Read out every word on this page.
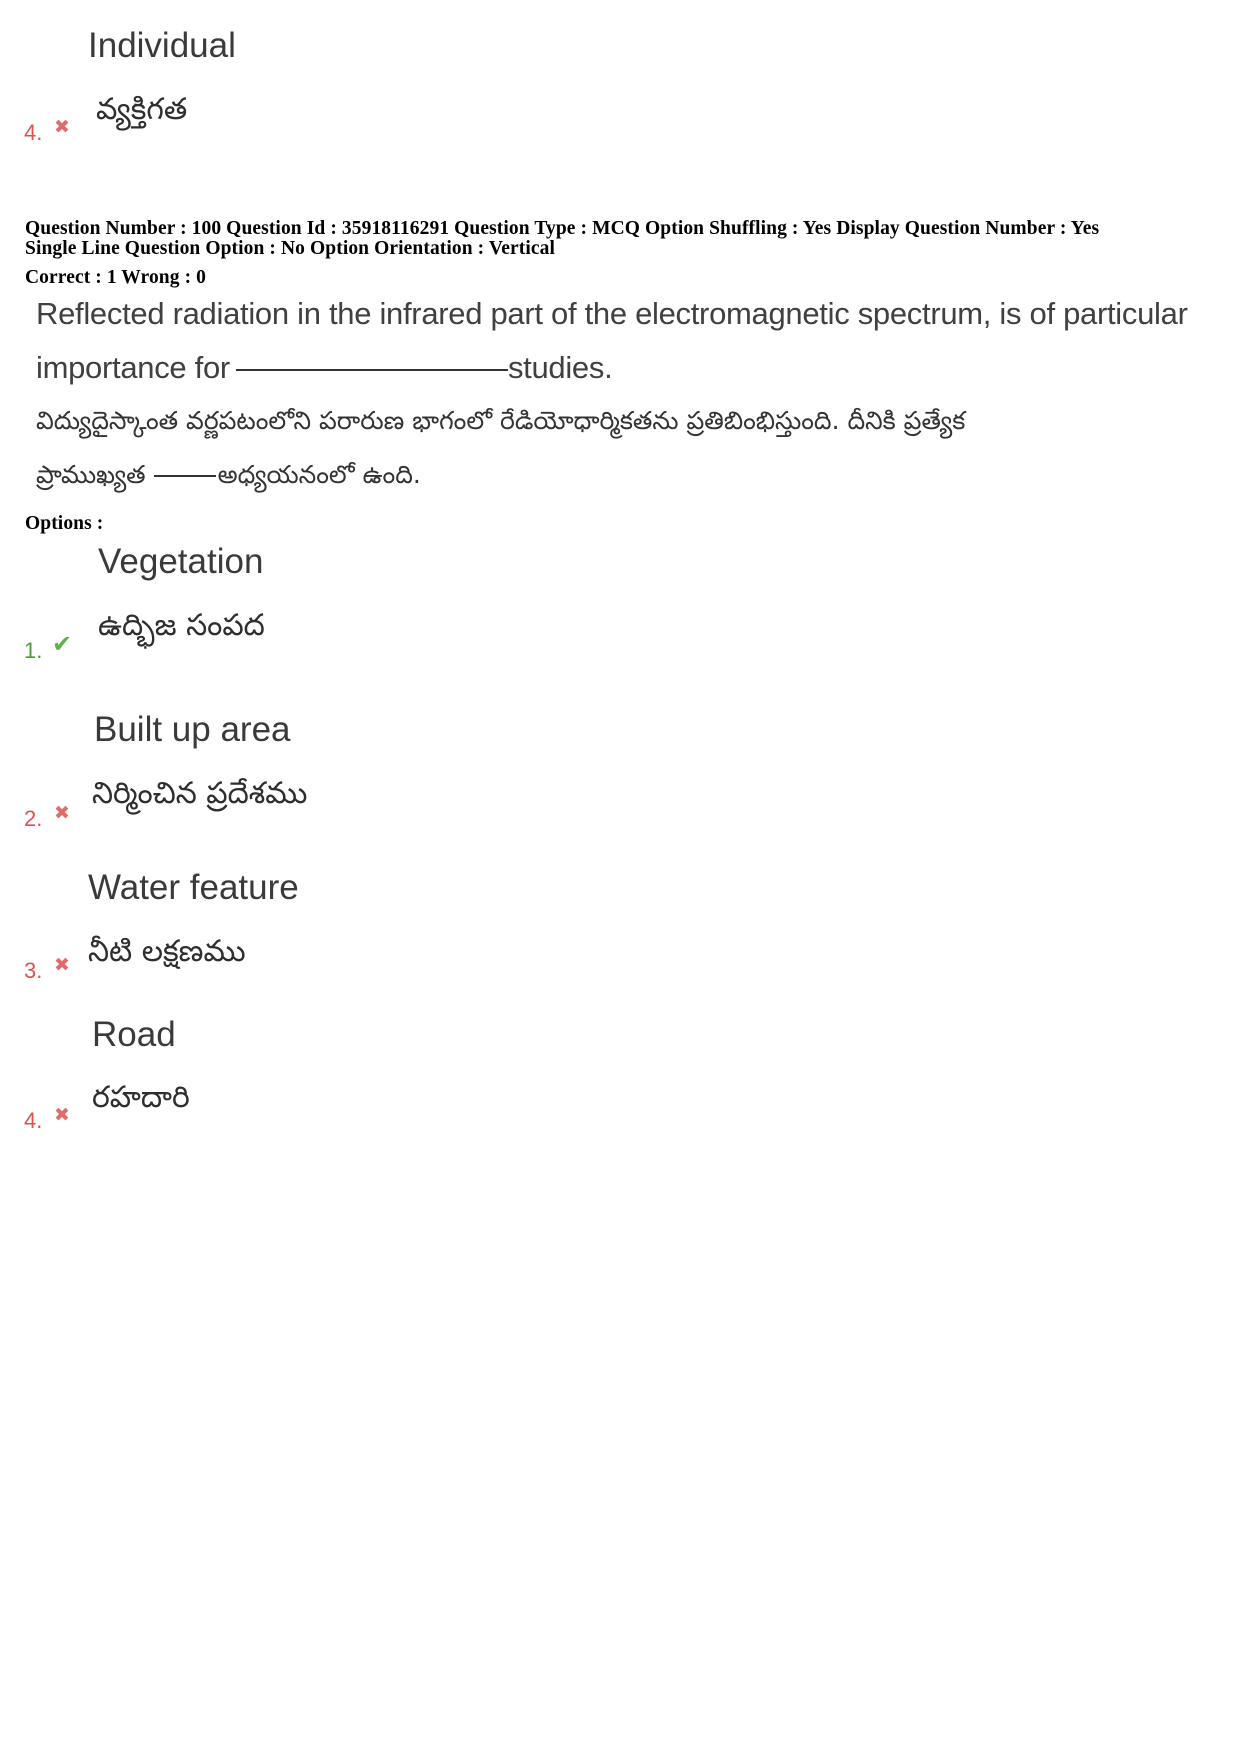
Individual
వ్యక్తిగత
4. ✖
Question Number : 100 Question Id : 35918116291 Question Type : MCQ Option Shuffling : Yes Display Question Number : Yes
Single Line Question Option : No Option Orientation : Vertical
Correct : 1 Wrong : 0
Reflected radiation in the infrared part of the electromagnetic spectrum, is of particular
importance for	studies.
విద్యుదైస్కాంత వర్ణపటంలోని పరారుణ భాగంలో రేడియోధార్మికతను ప్రతిబింభిస్తుంది. దీనికి ప్రత్యేక
ప్రాముఖ్యత	అధ్యయనంలో ఉంది.
Options :
Vegetation
ఉద్భిజ సంపద
1. ✔
Built up area
నిర్మించిన ప్రదేశము
2. ✖
Water feature
నీటి లక్షణము
3. ✖
Road
రహదారి
4. ✖
